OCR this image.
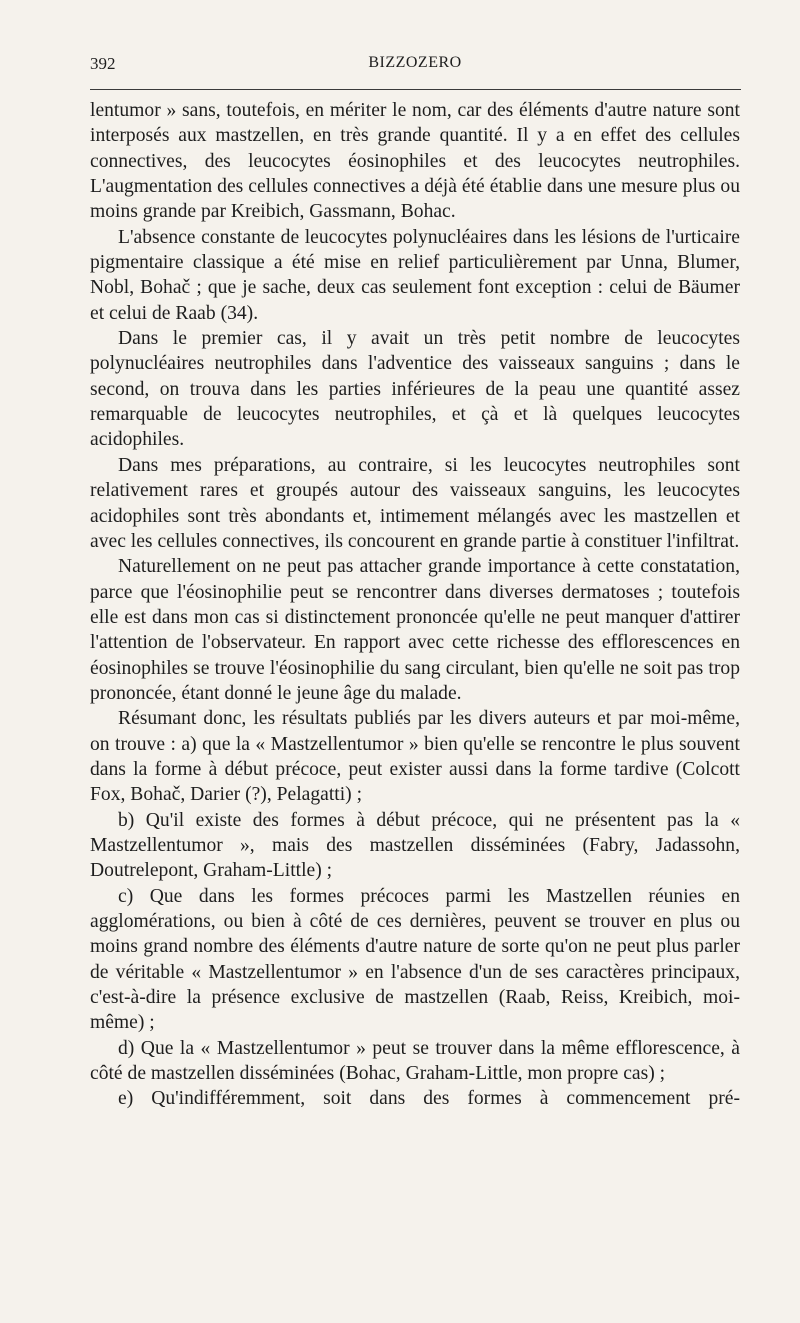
392	BIZZOZERO

lentumor » sans, toutefois, en mériter le nom, car des éléments d'autre nature sont interposés aux mastzellen, en très grande quantité. Il y a en effet des cellules connectives, des leucocytes éosinophiles et des leucocytes neutrophiles. L'augmentation des cellules connectives a déjà été établie dans une mesure plus ou moins grande par Kreibich, Gassmann, Bohac.

L'absence constante de leucocytes polynucléaires dans les lésions de l'urticaire pigmentaire classique a été mise en relief particulièrement par Unna, Blumer, Nobl, Bohač ; que je sache, deux cas seulement font exception : celui de Bäumer et celui de Raab (34).

Dans le premier cas, il y avait un très petit nombre de leucocytes polynucléaires neutrophiles dans l'adventice des vaisseaux sanguins ; dans le second, on trouva dans les parties inférieures de la peau une quantité assez remarquable de leucocytes neutrophiles, et çà et là quelques leucocytes acidophiles.

Dans mes préparations, au contraire, si les leucocytes neutrophiles sont relativement rares et groupés autour des vaisseaux sanguins, les leucocytes acidophiles sont très abondants et, intimement mélangés avec les mastzellen et avec les cellules connectives, ils concourent en grande partie à constituer l'infiltrat.

Naturellement on ne peut pas attacher grande importance à cette constatation, parce que l'éosinophilie peut se rencontrer dans diverses dermatoses ; toutefois elle est dans mon cas si distinctement prononcée qu'elle ne peut manquer d'attirer l'attention de l'observateur. En rapport avec cette richesse des efflorescences en éosinophiles se trouve l'éosinophilie du sang circulant, bien qu'elle ne soit pas trop prononcée, étant donné le jeune âge du malade.

Résumant donc, les résultats publiés par les divers auteurs et par moi-même, on trouve : a) que la « Mastzellentumor » bien qu'elle se rencontre le plus souvent dans la forme à début précoce, peut exister aussi dans la forme tardive (Colcott Fox, Bohač, Darier (?), Pelagatti) ;

b) Qu'il existe des formes à début précoce, qui ne présentent pas la « Mastzellentumor », mais des mastzellen disséminées (Fabry, Jadassohn, Doutrelepont, Graham-Little) ;

c) Que dans les formes précoces parmi les Mastzellen réunies en agglomérations, ou bien à côté de ces dernières, peuvent se trouver en plus ou moins grand nombre des éléments d'autre nature de sorte qu'on ne peut plus parler de véritable « Mastzellentumor » en l'absence d'un de ses caractères principaux, c'est-à-dire la présence exclusive de mastzellen (Raab, Reiss, Kreibich, moi-même) ;

d) Que la « Mastzellentumor » peut se trouver dans la même efflorescence, à côté de mastzellen disséminées (Bohac, Graham-Little, mon propre cas) ;

e) Qu'indifféremment, soit dans des formes à commencement pré-
